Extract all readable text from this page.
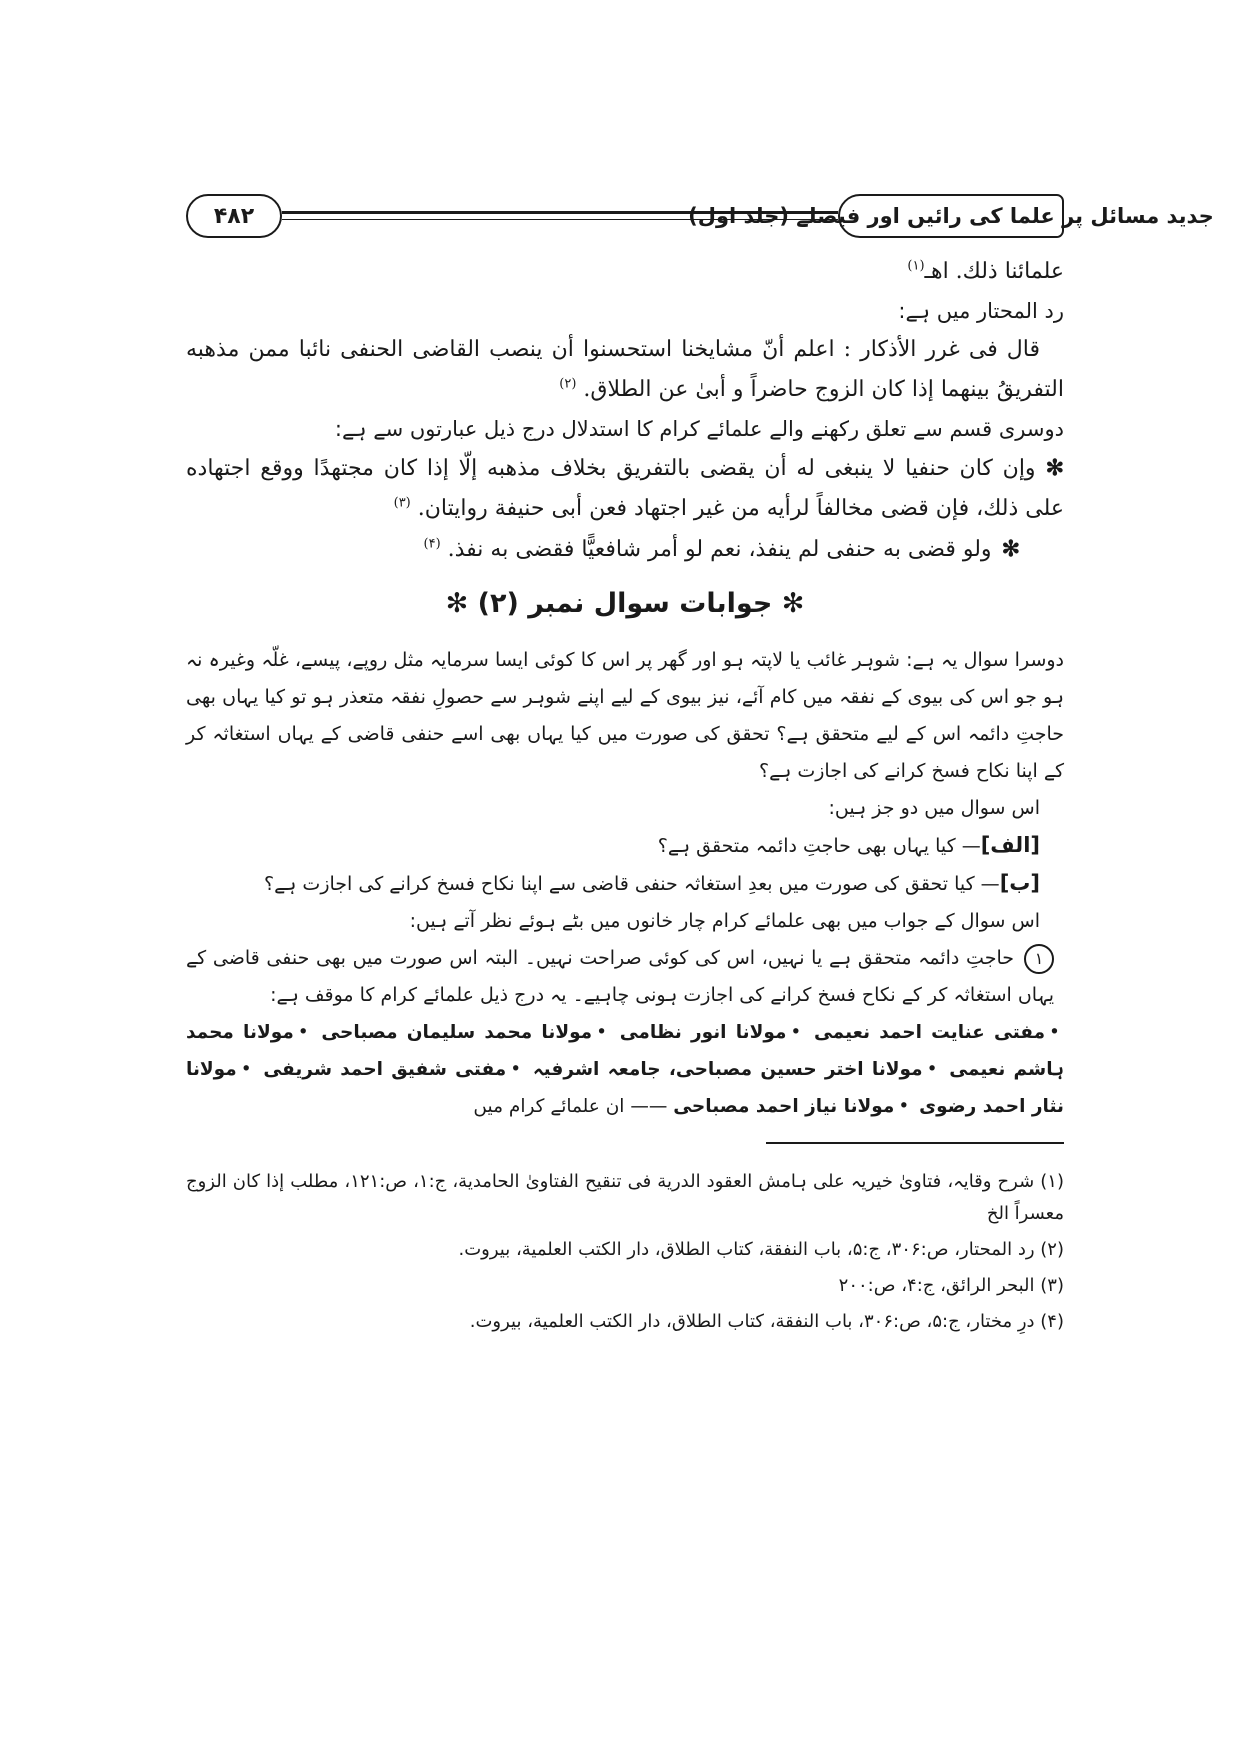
جدید مسائل پر علما کی رائیں اور فیصلے (جلد اول)
۴۸۲

علمائنا ذلك. اهـ$^{(۱)}$

رد المحتار میں ہے:

قال فی غرر الأذکار : اعلم أنّ مشایخنا استحسنوا أن ینصب القاضی الحنفی نائبا ممن مذهبه التفریقُ بینهما إذا کان الزوج حاضراً و أبیٰ عن الطلاق. $^{(۲)}$

دوسری قسم سے تعلق رکھنے والے علمائے کرام کا استدلال درج ذیل عبارتوں سے ہے:

✻وإن کان حنفیا لا ینبغی له أن یقضی بالتفریق بخلاف مذهبه إلّا إذا کان مجتهدًا ووقع اجتهاده علی ذلك، فإن قضی مخالفاً لرأیه من غیر اجتهاد فعن أبی حنیفة روایتان. $^{(۳)}$

✻ولو قضی به حنفی لم ینفذ، نعم لو أمر شافعیًّا فقضی به نفذ. $^{(۴)}$

✻ جوابات سوال نمبر (۲) ✻

دوسرا سوال یہ ہے: شوہر غائب یا لاپتہ ہو اور گھر پر اس کا کوئی ایسا سرمایہ مثل روپے، پیسے، غلّہ وغیرہ نہ ہو جو اس کی بیوی کے نفقہ میں کام آئے، نیز بیوی کے لیے اپنے شوہر سے حصولِ نفقہ متعذر ہو تو کیا یہاں بھی حاجتِ دائمہ اس کے لیے متحقق ہے؟ تحقق کی صورت میں کیا یہاں بھی اسے حنفی قاضی کے یہاں استغاثہ کر کے اپنا نکاح فسخ کرانے کی اجازت ہے؟

اس سوال میں دو جز ہیں:

[الف]— کیا یہاں بھی حاجتِ دائمہ متحقق ہے؟

[ب]— کیا تحقق کی صورت میں بعدِ استغاثہ حنفی قاضی سے اپنا نکاح فسخ کرانے کی اجازت ہے؟

اس سوال کے جواب میں بھی علمائے کرام چار خانوں میں بٹے ہوئے نظر آتے ہیں:

۱حاجتِ دائمہ متحقق ہے یا نہیں، اس کی کوئی صراحت نہیں۔ البتہ اس صورت میں بھی حنفی قاضی کے یہاں استغاثہ کر کے نکاح فسخ کرانے کی اجازت ہونی چاہیے۔ یہ درج ذیل علمائے کرام کا موقف ہے:

•مفتی عنایت احمد نعیمی •مولانا انور نظامی •مولانا محمد سلیمان مصباحی •مولانا محمد ہاشم نعیمی •مولانا اختر حسین مصباحی، جامعہ اشرفیہ •مفتی شفیق احمد شریفی •مولانا نثار احمد رضوی •مولانا نیاز احمد مصباحی —— ان علمائے کرام میں

(۱) شرح وقایہ، فتاوىٰ خیریہ علی ہامش العقود الدریة فی تنقیح الفتاوىٰ الحامدیة، ج:۱، ص:۱۲۱، مطلب إذا کان الزوج معسراً الخ

(۲) رد المحتار، ص:۳۰۶، ج:۵، باب النفقة، کتاب الطلاق، دار الکتب العلمیة، بیروت.

(۳) البحر الرائق، ج:۴، ص:۲۰۰

(۴) درِ مختار، ج:۵، ص:۳۰۶، باب النفقة، کتاب الطلاق، دار الکتب العلمیة، بیروت.
